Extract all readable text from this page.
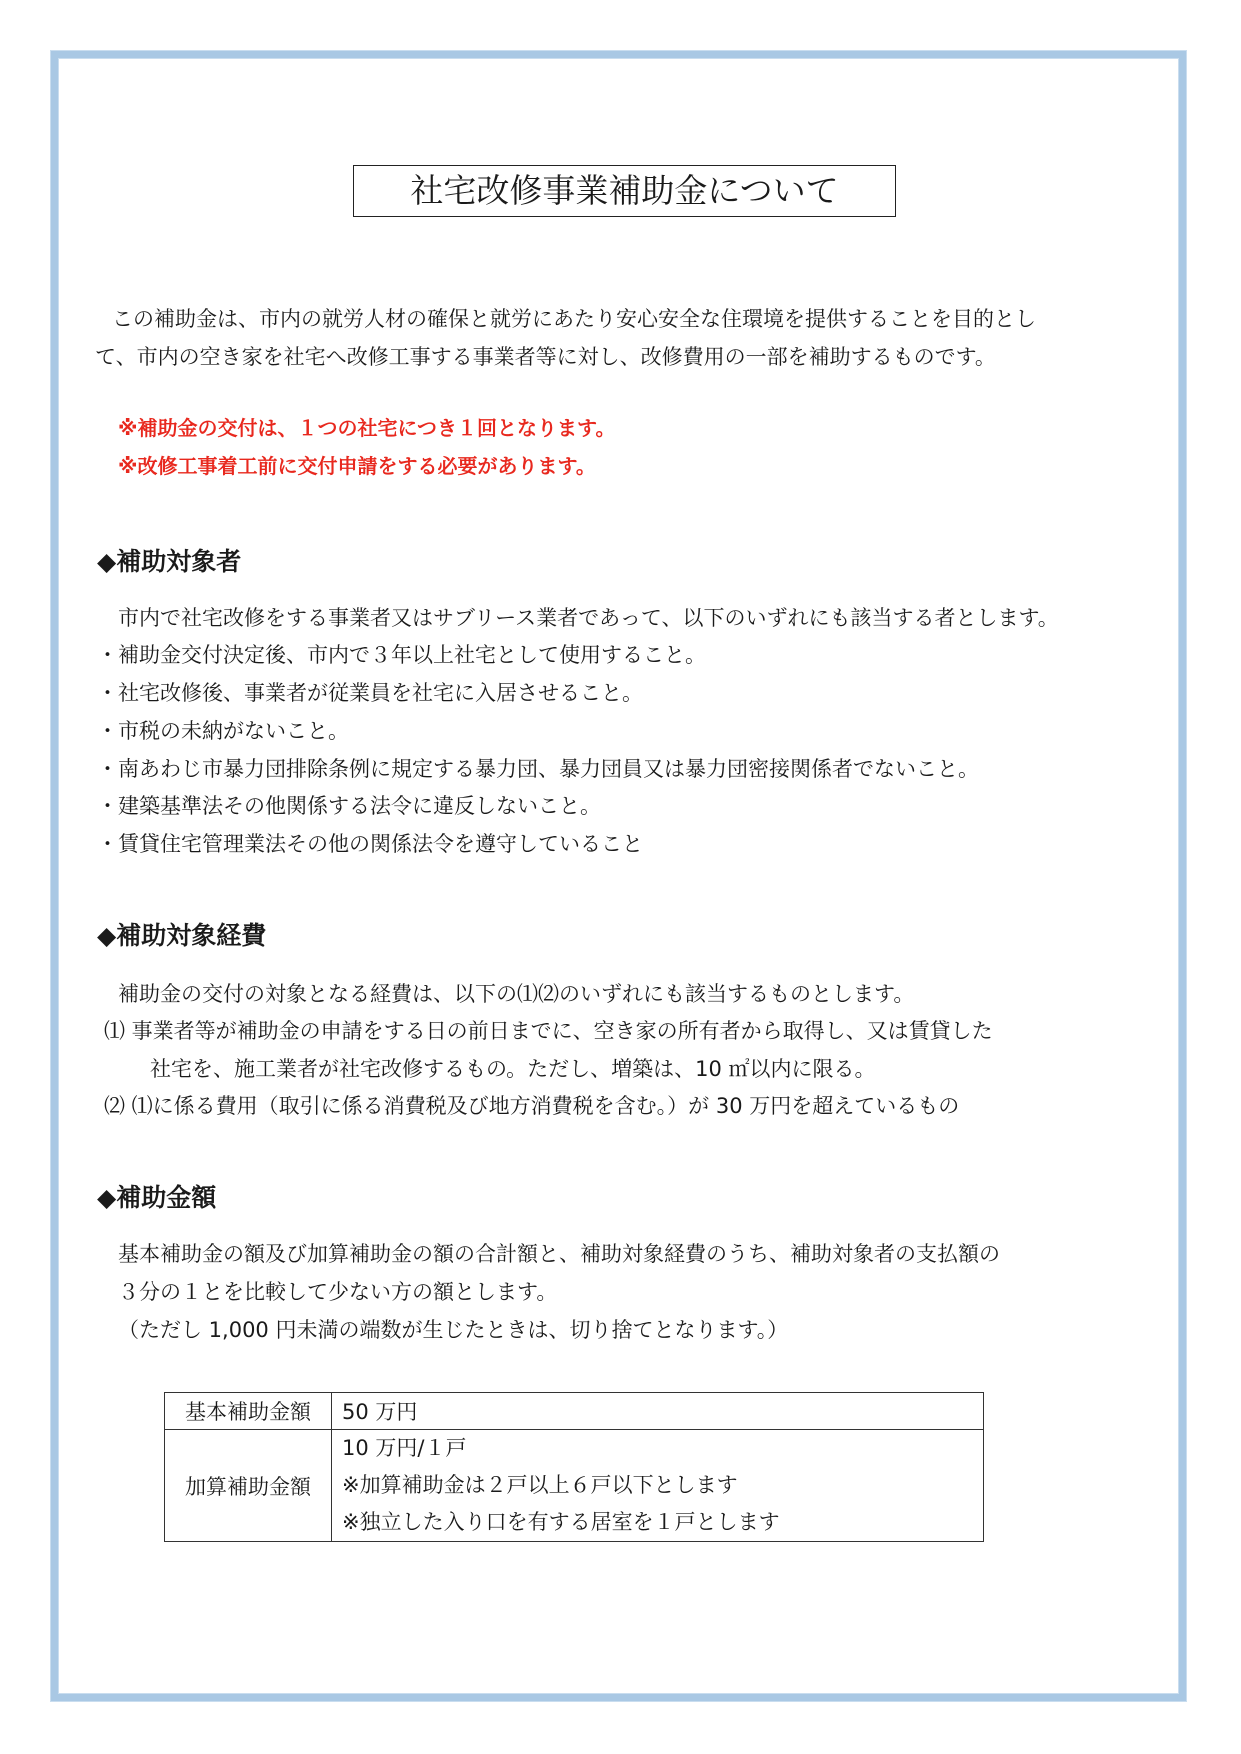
社宅改修事業補助金について
この補助金は、市内の就労人材の確保と就労にあたり安心安全な住環境を提供することを目的とし
て、市内の空き家を社宅へ改修工事する事業者等に対し、改修費用の一部を補助するものです。
※補助金の交付は、１つの社宅につき１回となります。
※改修工事着工前に交付申請をする必要があります。
◆補助対象者
市内で社宅改修をする事業者又はサブリース業者であって、以下のいずれにも該当する者とします。
・補助金交付決定後、市内で３年以上社宅として使用すること。
・社宅改修後、事業者が従業員を社宅に入居させること。
・市税の未納がないこと。
・南あわじ市暴力団排除条例に規定する暴力団、暴力団員又は暴力団密接関係者でないこと。
・建築基準法その他関係する法令に違反しないこと。
・賃貸住宅管理業法その他の関係法令を遵守していること
◆補助対象経費
補助金の交付の対象となる経費は、以下の⑴⑵のいずれにも該当するものとします。
⑴ 事業者等が補助金の申請をする日の前日までに、空き家の所有者から取得し、又は賃貸した
社宅を、施工業者が社宅改修するもの。ただし、増築は、10 ㎡以内に限る。
⑵ ⑴に係る費用（取引に係る消費税及び地方消費税を含む。）が 30 万円を超えているもの
◆補助金額
基本補助金の額及び加算補助金の額の合計額と、補助対象経費のうち、補助対象者の支払額の
３分の１とを比較して少ない方の額とします。
（ただし 1,000 円未満の端数が生じたときは、切り捨てとなります。）
基本補助金額	50 万円
加算補助金額	10 万円/１戸
※加算補助金は２戸以上６戸以下とします
※独立した入り口を有する居室を１戸とします
